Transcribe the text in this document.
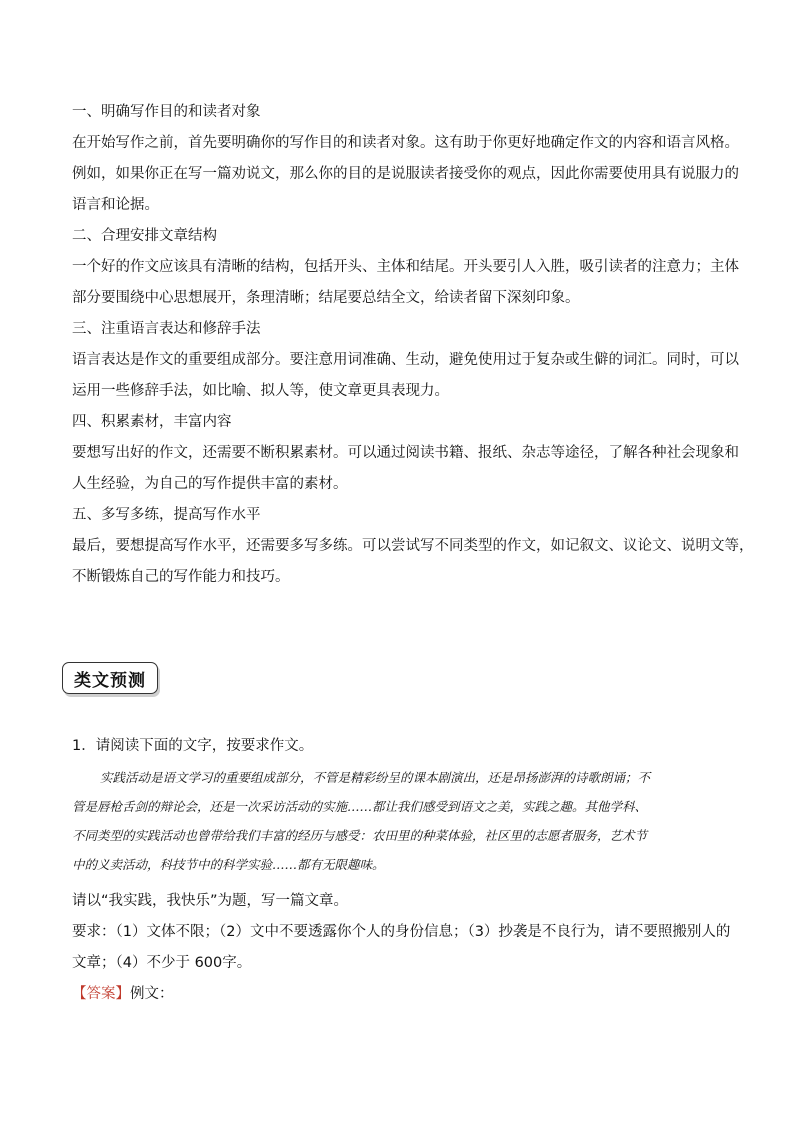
一、明确写作目的和读者对象
在开始写作之前，首先要明确你的写作目的和读者对象。这有助于你更好地确定作文的内容和语言风格。
例如，如果你正在写一篇劝说文，那么你的目的是说服读者接受你的观点，因此你需要使用具有说服力的
语言和论据。
二、合理安排文章结构
一个好的作文应该具有清晰的结构，包括开头、主体和结尾。开头要引人入胜，吸引读者的注意力；主体
部分要围绕中心思想展开，条理清晰；结尾要总结全文，给读者留下深刻印象。
三、注重语言表达和修辞手法
语言表达是作文的重要组成部分。要注意用词准确、生动，避免使用过于复杂或生僻的词汇。同时，可以
运用一些修辞手法，如比喻、拟人等，使文章更具表现力。
四、积累素材，丰富内容
要想写出好的作文，还需要不断积累素材。可以通过阅读书籍、报纸、杂志等途径，了解各种社会现象和
人生经验，为自己的写作提供丰富的素材。
五、多写多练，提高写作水平
最后，要想提高写作水平，还需要多写多练。可以尝试写不同类型的作文，如记叙文、议论文、说明文等，
不断锻炼自己的写作能力和技巧。
类文预测
1．请阅读下面的文字，按要求作文。
实践活动是语文学习的重要组成部分，不管是精彩纷呈的课本剧演出，还是昂扬澎湃的诗歌朗诵；不
管是唇枪舌剑的辩论会，还是一次采访活动的实施……都让我们感受到语文之美，实践之趣。其他学科、
不同类型的实践活动也曾带给我们丰富的经历与感受：农田里的种菜体验，社区里的志愿者服务，艺术节
中的义卖活动，科技节中的科学实验……都有无限趣味。
请以“我实践，我快乐”为题，写一篇文章。
要求：（1）文体不限；（2）文中不要透露你个人的身份信息；（3）抄袭是不良行为，请不要照搬别人的
文章；（4）不少于 600字。
【答案】例文：
